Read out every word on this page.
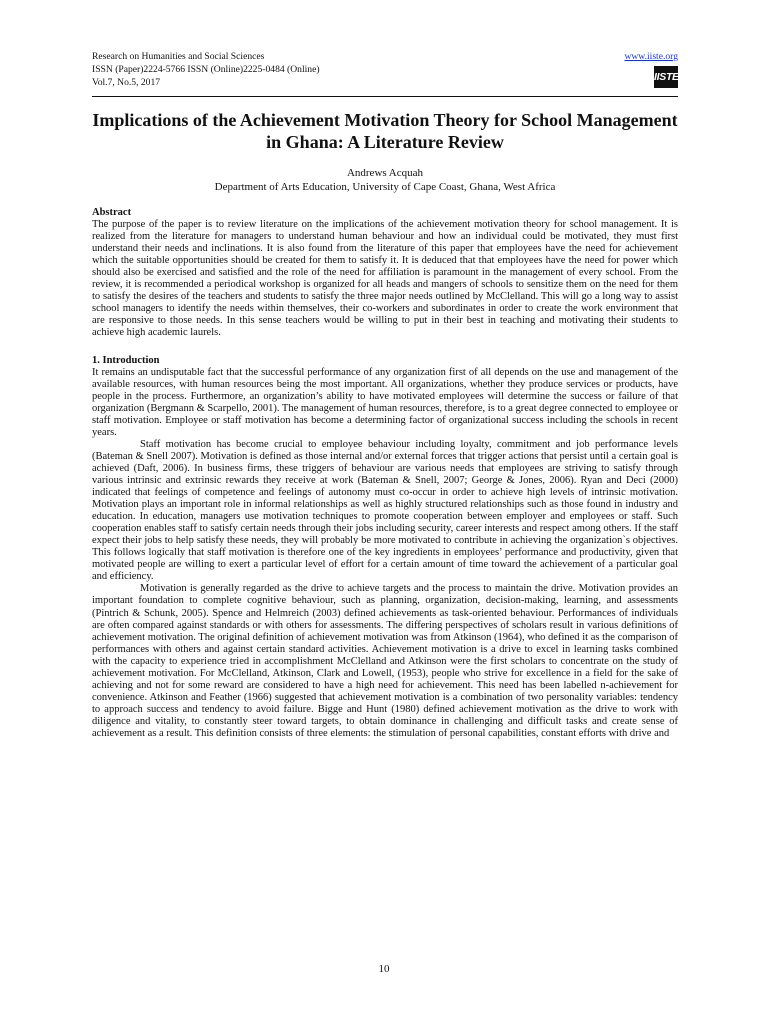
Research on Humanities and Social Sciences
ISSN (Paper)2224-5766 ISSN (Online)2225-0484 (Online)
Vol.7, No.5, 2017
www.iiste.org
IISTE
Implications of the Achievement Motivation Theory for School Management in Ghana: A Literature Review
Andrews Acquah
Department of Arts Education, University of Cape Coast, Ghana, West Africa
Abstract

The purpose of the paper is to review literature on the implications of the achievement motivation theory for school management. It is realized from the literature for managers to understand human behaviour and how an individual could be motivated, they must first understand their needs and inclinations. It is also found from the literature of this paper that employees have the need for achievement which the suitable opportunities should be created for them to satisfy it. It is deduced that that employees have the need for power which should also be exercised and satisfied and the role of the need for affiliation is paramount in the management of every school. From the review, it is recommended a periodical workshop is organized for all heads and mangers of schools to sensitize them on the need for them to satisfy the desires of the teachers and students to satisfy the three major needs outlined by McClelland. This will go a long way to assist school managers to identify the needs within themselves, their co-workers and subordinates in order to create the work environment that are responsive to those needs. In this sense teachers would be willing to put in their best in teaching and motivating their students to achieve high academic laurels.

1. Introduction

It remains an undisputable fact that the successful performance of any organization first of all depends on the use and management of the available resources, with human resources being the most important. All organizations, whether they produce services or products, have people in the process. Furthermore, an organization’s ability to have motivated employees will determine the success or failure of that organization (Bergmann & Scarpello, 2001). The management of human resources, therefore, is to a great degree connected to employee or staff motivation. Employee or staff motivation has become a determining factor of organizational success including the schools in recent years.

Staff motivation has become crucial to employee behaviour including loyalty, commitment and job performance levels (Bateman & Snell 2007). Motivation is defined as those internal and/or external forces that trigger actions that persist until a certain goal is achieved (Daft, 2006). In business firms, these triggers of behaviour are various needs that employees are striving to satisfy through various intrinsic and extrinsic rewards they receive at work (Bateman & Snell, 2007; George & Jones, 2006). Ryan and Deci (2000) indicated that feelings of competence and feelings of autonomy must co-occur in order to achieve high levels of intrinsic motivation. Motivation plays an important role in informal relationships as well as highly structured relationships such as those found in industry and education. In education, managers use motivation techniques to promote cooperation between employer and employees or staff. Such cooperation enables staff to satisfy certain needs through their jobs including security, career interests and respect among others. If the staff expect their jobs to help satisfy these needs, they will probably be more motivated to contribute in achieving the organization`s objectives. This follows logically that staff motivation is therefore one of the key ingredients in employees’ performance and productivity, given that motivated people are willing to exert a particular level of effort for a certain amount of time toward the achievement of a particular goal and efficiency.

Motivation is generally regarded as the drive to achieve targets and the process to maintain the drive. Motivation provides an important foundation to complete cognitive behaviour, such as planning, organization, decision-making, learning, and assessments (Pintrich & Schunk, 2005). Spence and Helmreich (2003) defined achievements as task-oriented behaviour. Performances of individuals are often compared against standards or with others for assessments. The differing perspectives of scholars result in various definitions of achievement motivation. The original definition of achievement motivation was from Atkinson (1964), who defined it as the comparison of performances with others and against certain standard activities. Achievement motivation is a drive to excel in learning tasks combined with the capacity to experience tried in accomplishment McClelland and Atkinson were the first scholars to concentrate on the study of achievement motivation. For McClelland, Atkinson, Clark and Lowell, (1953), people who strive for excellence in a field for the sake of achieving and not for some reward are considered to have a high need for achievement. This need has been labelled n-achievement for convenience. Atkinson and Feather (1966) suggested that achievement motivation is a combination of two personality variables: tendency to approach success and tendency to avoid failure. Bigge and Hunt (1980) defined achievement motivation as the drive to work with diligence and vitality, to constantly steer toward targets, to obtain dominance in challenging and difficult tasks and create sense of achievement as a result. This definition consists of three elements: the stimulation of personal capabilities, constant efforts with drive and

10
